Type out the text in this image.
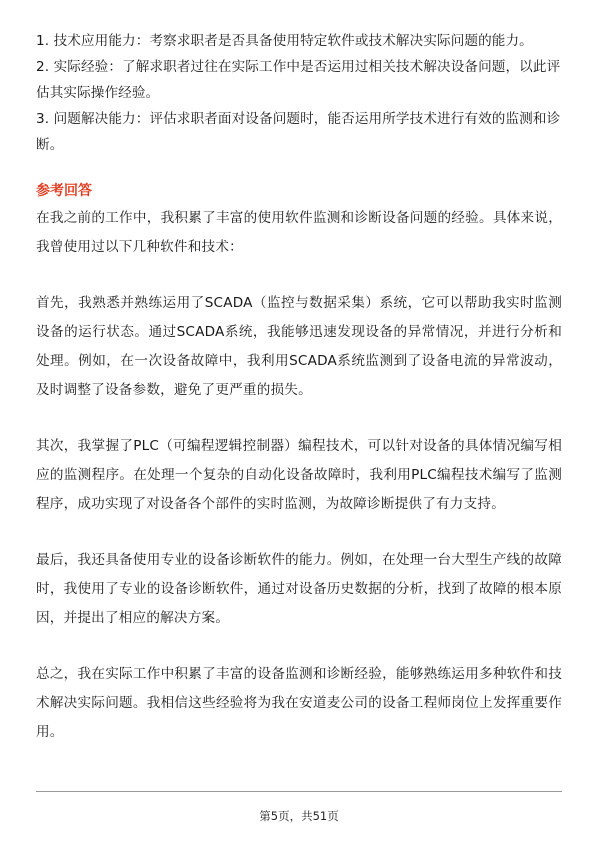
1. 技术应用能力：考察求职者是否具备使用特定软件或技术解决实际问题的能力。

2. 实际经验：了解求职者过往在实际工作中是否运用过相关技术解决设备问题，以此评估其实际操作经验。

3. 问题解决能力：评估求职者面对设备问题时，能否运用所学技术进行有效的监测和诊断。

参考回答

在我之前的工作中，我积累了丰富的使用软件监测和诊断设备问题的经验。具体来说，我曾使用过以下几种软件和技术：

首先，我熟悉并熟练运用了SCADA（监控与数据采集）系统，它可以帮助我实时监测设备的运行状态。通过SCADA系统，我能够迅速发现设备的异常情况，并进行分析和处理。例如，在一次设备故障中，我利用SCADA系统监测到了设备电流的异常波动，及时调整了设备参数，避免了更严重的损失。

其次，我掌握了PLC（可编程逻辑控制器）编程技术，可以针对设备的具体情况编写相应的监测程序。在处理一个复杂的自动化设备故障时，我利用PLC编程技术编写了监测程序，成功实现了对设备各个部件的实时监测，为故障诊断提供了有力支持。

最后，我还具备使用专业的设备诊断软件的能力。例如，在处理一台大型生产线的故障时，我使用了专业的设备诊断软件，通过对设备历史数据的分析，找到了故障的根本原因，并提出了相应的解决方案。

总之，我在实际工作中积累了丰富的设备监测和诊断经验，能够熟练运用多种软件和技术解决实际问题。我相信这些经验将为我在安道麦公司的设备工程师岗位上发挥重要作用。

第5页，共51页
